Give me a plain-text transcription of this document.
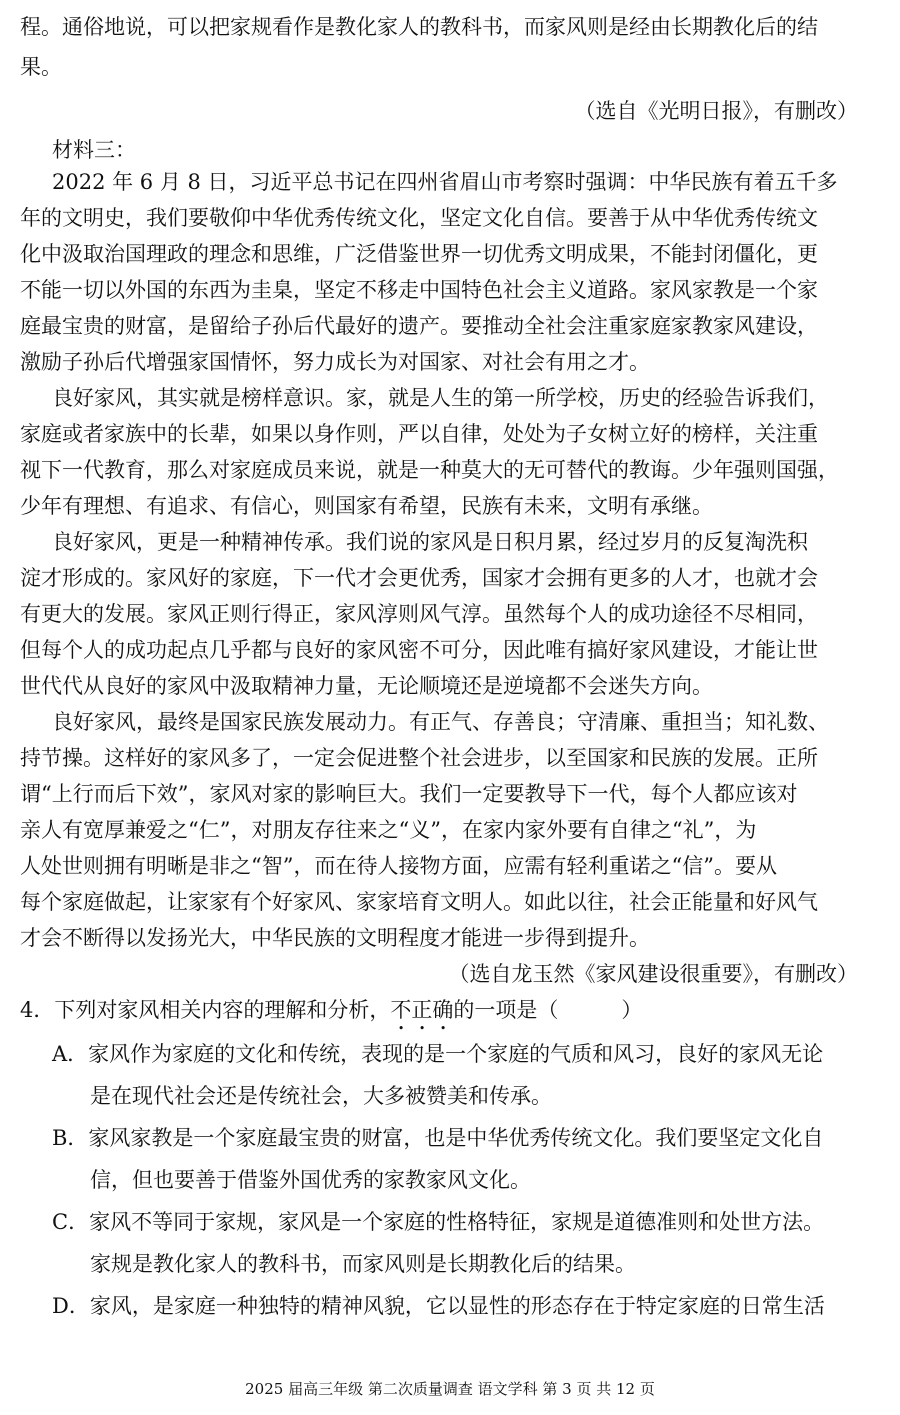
程。通俗地说，可以把家规看作是教化家人的教科书，而家风则是经由长期教化后的结
果。
（选自《光明日报》，有删改）
材料三：
2022 年 6 月 8 日，习近平总书记在四州省眉山市考察时强调：中华民族有着五千多
年的文明史，我们要敬仰中华优秀传统文化，坚定文化自信。要善于从中华优秀传统文
化中汲取治国理政的理念和思维，广泛借鉴世界一切优秀文明成果，不能封闭僵化，更
不能一切以外国的东西为圭臬，坚定不移走中国特色社会主义道路。家风家教是一个家
庭最宝贵的财富，是留给子孙后代最好的遗产。要推动全社会注重家庭家教家风建设，
激励子孙后代增强家国情怀，努力成长为对国家、对社会有用之才。
良好家风，其实就是榜样意识。家，就是人生的第一所学校，历史的经验告诉我们，
家庭或者家族中的长辈，如果以身作则，严以自律，处处为子女树立好的榜样，关注重
视下一代教育，那么对家庭成员来说，就是一种莫大的无可替代的教诲。少年强则国强，
少年有理想、有追求、有信心，则国家有希望，民族有未来，文明有承继。
良好家风，更是一种精神传承。我们说的家风是日积月累，经过岁月的反复淘洗积
淀才形成的。家风好的家庭，下一代才会更优秀，国家才会拥有更多的人才，也就才会
有更大的发展。家风正则行得正，家风淳则风气淳。虽然每个人的成功途径不尽相同，
但每个人的成功起点几乎都与良好的家风密不可分，因此唯有搞好家风建设，才能让世
世代代从良好的家风中汲取精神力量，无论顺境还是逆境都不会迷失方向。
良好家风，最终是国家民族发展动力。有正气、存善良；守清廉、重担当；知礼数、
持节操。这样好的家风多了，一定会促进整个社会进步，以至国家和民族的发展。正所
谓“上行而后下效”，家风对家的影响巨大。我们一定要教导下一代，每个人都应该对
亲人有宽厚兼爱之“仁”，对朋友存往来之“义”，在家内家外要有自律之“礼”，为
人处世则拥有明晰是非之“智”，而在待人接物方面，应需有轻利重诺之“信”。要从
每个家庭做起，让家家有个好家风、家家培育文明人。如此以往，社会正能量和好风气
才会不断得以发扬光大，中华民族的文明程度才能进一步得到提升。
（选自龙玉然《家风建设很重要》，有删改）
4．下列对家风相关内容的理解和分析，不正确的一项是（　　　）
A．家风作为家庭的文化和传统，表现的是一个家庭的气质和风习，良好的家风无论
是在现代社会还是传统社会，大多被赞美和传承。
B．家风家教是一个家庭最宝贵的财富，也是中华优秀传统文化。我们要坚定文化自
信，但也要善于借鉴外国优秀的家教家风文化。
C．家风不等同于家规，家风是一个家庭的性格特征，家规是道德准则和处世方法。
家规是教化家人的教科书，而家风则是长期教化后的结果。
D．家风，是家庭一种独特的精神风貌，它以显性的形态存在于特定家庭的日常生活
2025 届高三年级 第二次质量调查 语文学科 第 3 页 共 12 页
